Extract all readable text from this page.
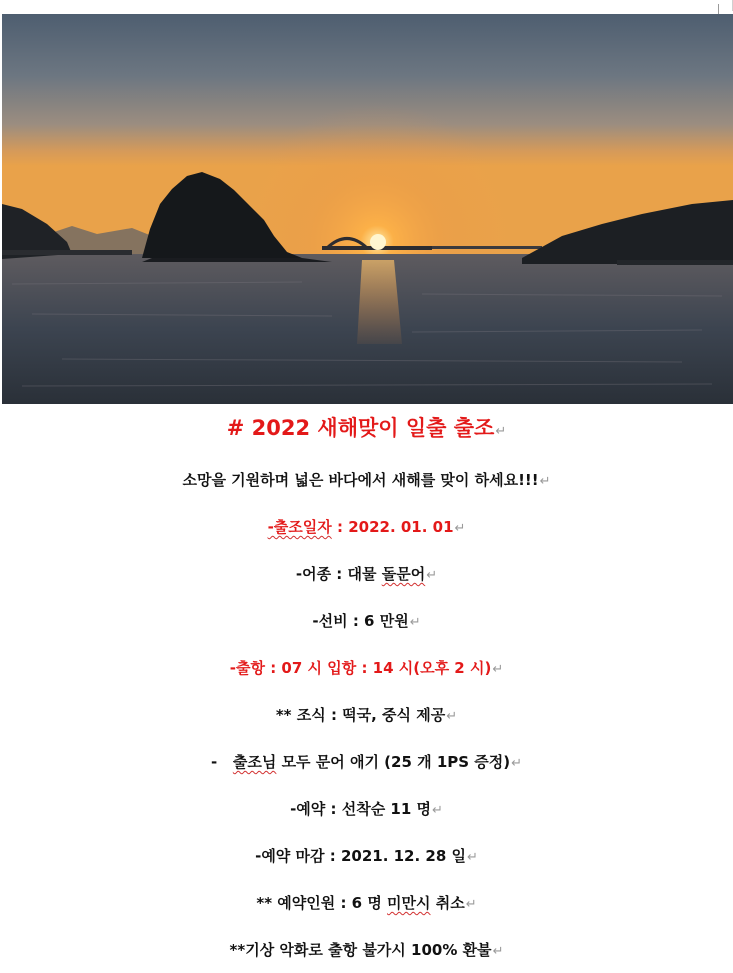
# 2022 새해맞이 일출 출조↵
소망을 기원하며 넓은 바다에서 새해를 맞이 하세요!!!↵
-출조일자 : 2022. 01. 01↵
-어종 : 대물 돌문어↵
-선비 : 6 만원↵
-출항 : 07 시 입항 : 14 시(오후 2 시)↵
** 조식 : 떡국, 중식 제공↵
-   출조님 모두 문어 애기 (25 개 1PS 증정)↵
-예약 : 선착순 11 명↵
-예약 마감 : 2021. 12. 28 일↵
** 예약인원 : 6 명 미만시 취소↵
**기상 악화로 출항 불가시 100% 환불↵
